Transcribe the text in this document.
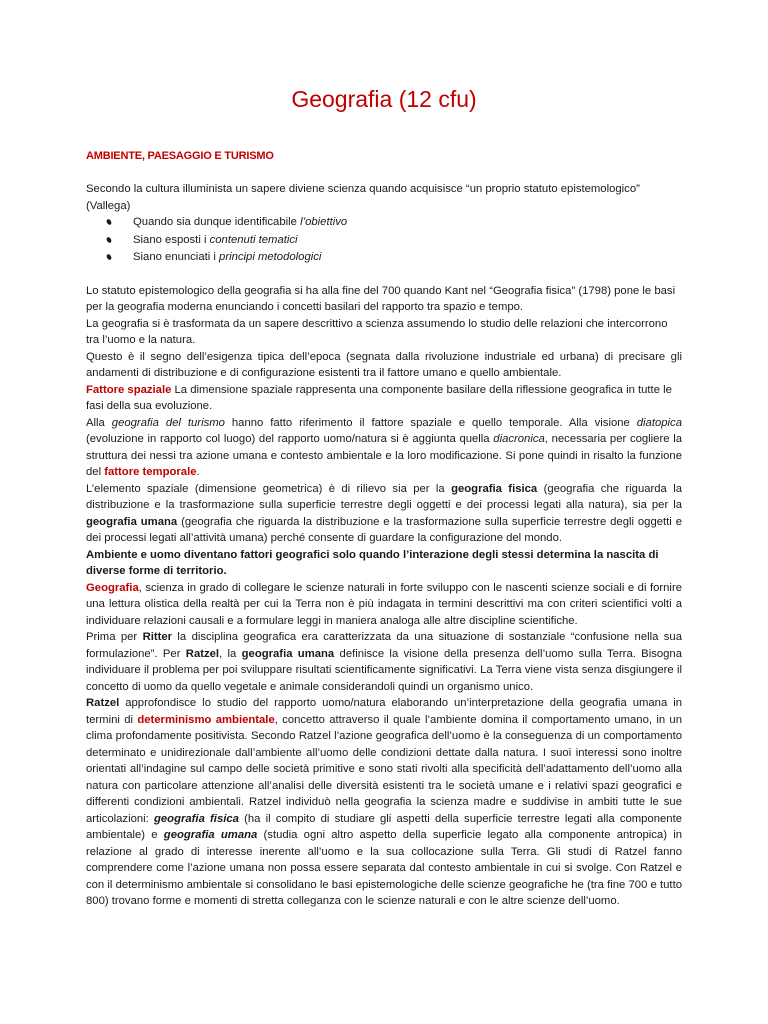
Geografia (12 cfu)
AMBIENTE, PAESAGGIO E TURISMO

Secondo la cultura illuminista un sapere diviene scienza quando acquisisce “un proprio statuto epistemologico” (Vallega)

Quando sia dunque identificabile l’obiettivo
Siano esposti i contenuti tematici
Siano enunciati i principi metodologici

Lo statuto epistemologico della geografia si ha alla fine del 700 quando Kant nel “Geografia fisica” (1798) pone le basi per la geografia moderna enunciando i concetti basilari del rapporto tra spazio e tempo.

La geografia si è trasformata da un sapere descrittivo a scienza assumendo lo studio delle relazioni che intercorrono tra l’uomo e la natura.

Questo è il segno dell’esigenza tipica dell’epoca (segnata dalla rivoluzione industriale ed urbana) di precisare gli andamenti di distribuzione e di configurazione esistenti tra il fattore umano e quello ambientale.

Fattore spaziale La dimensione spaziale rappresenta una componente basilare della riflessione geografica in tutte le fasi della sua evoluzione.

Alla geografia del turismo hanno fatto riferimento il fattore spaziale e quello temporale. Alla visione diatopica (evoluzione in rapporto col luogo) del rapporto uomo/natura si è aggiunta quella diacronica, necessaria per cogliere la struttura dei nessi tra azione umana e contesto ambientale e la loro modificazione. Si pone quindi in risalto la funzione del fattore temporale.

L’elemento spaziale (dimensione geometrica) è di rilievo sia per la geografia fisica (geografia che riguarda la distribuzione e la trasformazione sulla superficie terrestre degli oggetti e dei processi legati alla natura), sia per la geografia umana (geografia che riguarda la distribuzione e la trasformazione sulla superficie terrestre degli oggetti e dei processi legati all’attività umana) perché consente di guardare la configurazione del mondo.

Ambiente e uomo diventano fattori geografici solo quando l’interazione degli stessi determina la nascita di diverse forme di territorio.

Geografia, scienza in grado di collegare le scienze naturali in forte sviluppo con le nascenti scienze sociali e di fornire una lettura olistica della realtà per cui la Terra non è più indagata in termini descrittivi ma con criteri scientifici volti a individuare relazioni causali e a formulare leggi in maniera analoga alle altre discipline scientifiche.

Prima per Ritter la disciplina geografica era caratterizzata da una situazione di sostanziale “confusione nella sua formulazione”. Per Ratzel, la geografia umana definisce la visione della presenza dell’uomo sulla Terra. Bisogna individuare il problema per poi sviluppare risultati scientificamente significativi. La Terra viene vista senza disgiungere il concetto di uomo da quello vegetale e animale considerandoli quindi un organismo unico.

Ratzel approfondisce lo studio del rapporto uomo/natura elaborando un’interpretazione della geografia umana in termini di determinismo ambientale, concetto attraverso il quale l’ambiente domina il comportamento umano, in un clima profondamente positivista. Secondo Ratzel l’azione geografica dell’uomo è la conseguenza di un comportamento determinato e unidirezionale dall’ambiente all’uomo delle condizioni dettate dalla natura. I suoi interessi sono inoltre orientati all’indagine sul campo delle società primitive e sono stati rivolti alla specificità dell’adattamento dell’uomo alla natura con particolare attenzione all’analisi delle diversità esistenti tra le società umane e i relativi spazi geografici e differenti condizioni ambientali. Ratzel individuò nella geografia la scienza madre e suddivise in ambiti tutte le sue articolazioni: geografia fisica (ha il compito di studiare gli aspetti della superficie terrestre legati alla componente ambientale) e geografia umana (studia ogni altro aspetto della superficie legato alla componente antropica) in relazione al grado di interesse inerente all’uomo e la sua collocazione sulla Terra. Gli studi di Ratzel fanno comprendere come l’azione umana non possa essere separata dal contesto ambientale in cui si svolge. Con Ratzel e con il determinismo ambientale si consolidano le basi epistemologiche delle scienze geografiche he (tra fine 700 e tutto 800) trovano forme e momenti di stretta colleganza con le scienze naturali e con le altre scienze dell’uomo.
